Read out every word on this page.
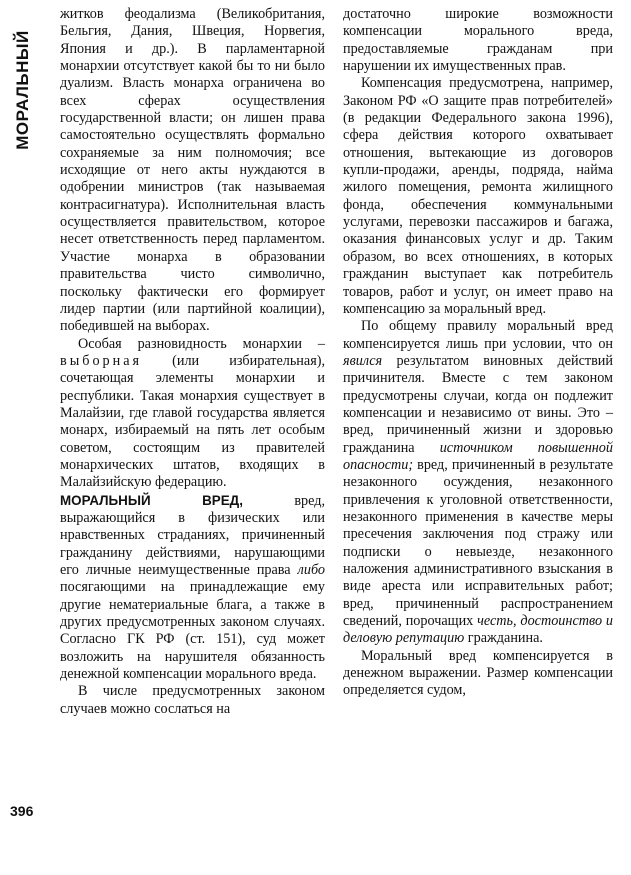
МОРАЛЬНЫЙ

житков феодализма (Великобритания, Бельгия, Дания, Швеция, Норвегия, Япония и др.). В парламентарной монархии отсутствует какой бы то ни было дуализм. Власть монарха ограничена во всех сферах осуществления государственной власти; он лишен права самостоятельно осуществлять формально сохраняемые за ним полномочия; все исходящие от него акты нуждаются в одобрении министров (так называемая контрасигнатура). Исполнительная власть осуществляется правительством, которое несет ответственность перед парламентом. Участие монарха в образовании правительства чисто символично, поскольку фактически его формирует лидер партии (или партийной коалиции), победившей на выборах.

Особая разновидность монархии – выборная (или избирательная), сочетающая элементы монархии и республики. Такая монархия существует в Малайзии, где главой государства является монарх, избираемый на пять лет особым советом, состоящим из правителей монархических штатов, входящих в Малайзийскую федерацию.

МОРАЛЬНЫЙ ВРЕД,	вред, выражающийся в физических или нравственных страданиях, причиненный гражданину действиями, нарушающими его личные неимущественные права либо посягающими на принадлежащие ему другие нематериальные блага, а также в других предусмотренных законом случаях. Согласно ГК РФ (ст. 151), суд может возложить на нарушителя обязанность денежной компенсации морального вреда.

В числе предусмотренных законом случаев можно сослаться на

достаточно широкие возможности компенсации морального вреда, предоставляемые гражданам при нарушении их имущественных прав.

Компенсация предусмотрена, например, Законом РФ «О защите прав потребителей» (в редакции Федерального закона 1996), сфера действия которого охватывает отношения, вытекающие из договоров купли-продажи, аренды, подряда, найма жилого помещения, ремонта жилищного фонда, обеспечения коммунальными услугами, перевозки пассажиров и багажа, оказания финансовых услуг и др. Таким образом, во всех отношениях, в которых гражданин выступает как потребитель товаров, работ и услуг, он имеет право на компенсацию за моральный вред.

По общему правилу моральный вред компенсируется лишь при условии, что он явился результатом виновных действий причинителя. Вместе с тем законом предусмотрены случаи, когда он подлежит компенсации и независимо от вины. Это – вред, причиненный жизни и здоровью гражданина источником повышенной опасности; вред, причиненный в результате незаконного осуждения, незаконного привлечения к уголовной ответственности, незаконного применения в качестве меры пресечения заключения под стражу или подписки о невыезде, незаконного наложения административного взыскания в виде ареста или исправительных работ; вред, причиненный распространением сведений, порочащих честь, достоинство и деловую репутацию гражданина.

Моральный вред компенсируется в денежном выражении. Размер компенсации определяется судом,

396
